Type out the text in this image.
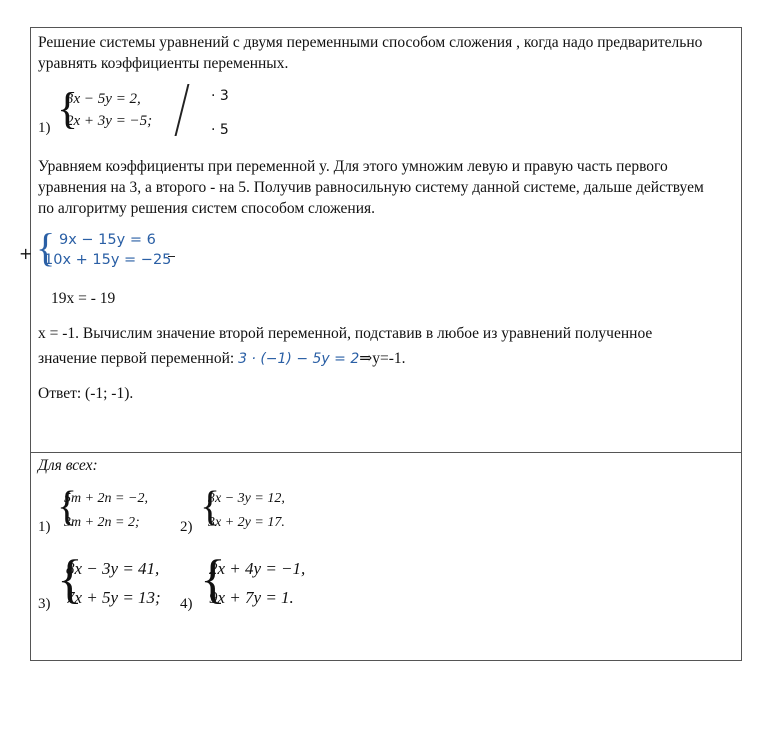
Решение системы уравнений с двумя переменными способом сложения , когда надо предварительно
уравнять коэффициенты переменных.
1) {
3x − 5y = 2,
2x + 3y = −5;
· 3
· 5
Уравняем коэффициенты при переменной y. Для этого умножим левую и правую часть первого
уравнения на 3, а второго - на 5. Получив равносильную систему данной системе, дальше действуем
по алгоритму решения систем способом сложения.
+ { 9x − 15y = 6
10x + 15y = −25
19x = - 19
x = -1. Вычислим значение второй переменной, подставив в любое из уравнений полученное
значение первой переменной: 3 · (−1) − 5y = 2⇒y=-1.
Ответ: (-1; -1).
Для всех:
1) {
5m + 2n = −2,
3m + 2n = 2;	2) {
3x − 3y = 12,
3x + 2y = 17.
3) {
8x − 3y = 41,
7x + 5y = 13; 4) {
2x + 4y = −1,
9x + 7y = 1.
